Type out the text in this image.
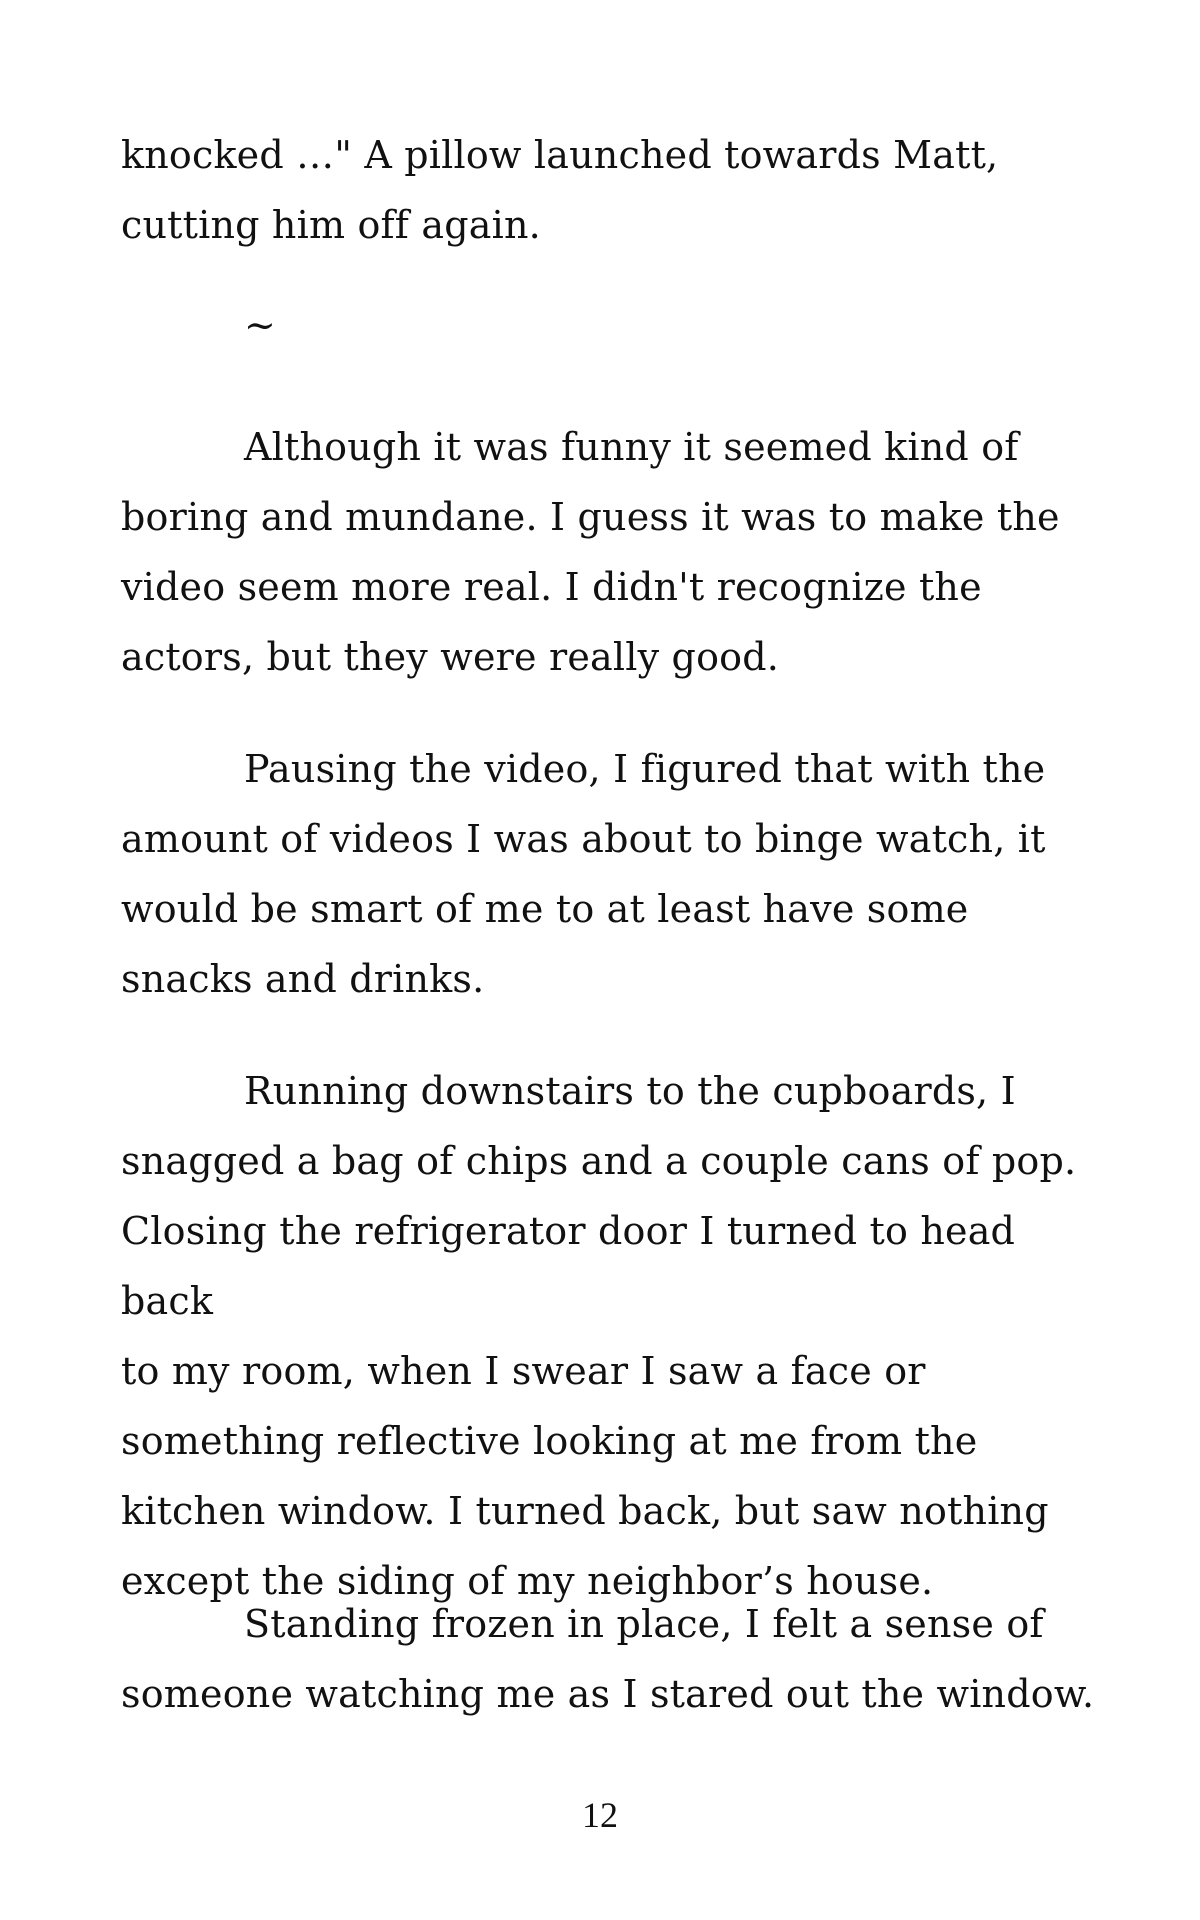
knocked …" A pillow launched towards Matt,
cutting him off again.

~

Although it was funny it seemed kind of
boring and mundane. I guess it was to make the
video seem more real. I didn't recognize the
actors, but they were really good.

Pausing the video, I figured that with the
amount of videos I was about to binge watch, it
would be smart of me to at least have some
snacks and drinks.

Running downstairs to the cupboards, I
snagged a bag of chips and a couple cans of pop.
Closing the refrigerator door I turned to head back
to my room, when I swear I saw a face or
something reflective looking at me from the
kitchen window. I turned back, but saw nothing
except the siding of my neighbor’s house.

Standing frozen in place, I felt a sense of
someone watching me as I stared out the window.

12
